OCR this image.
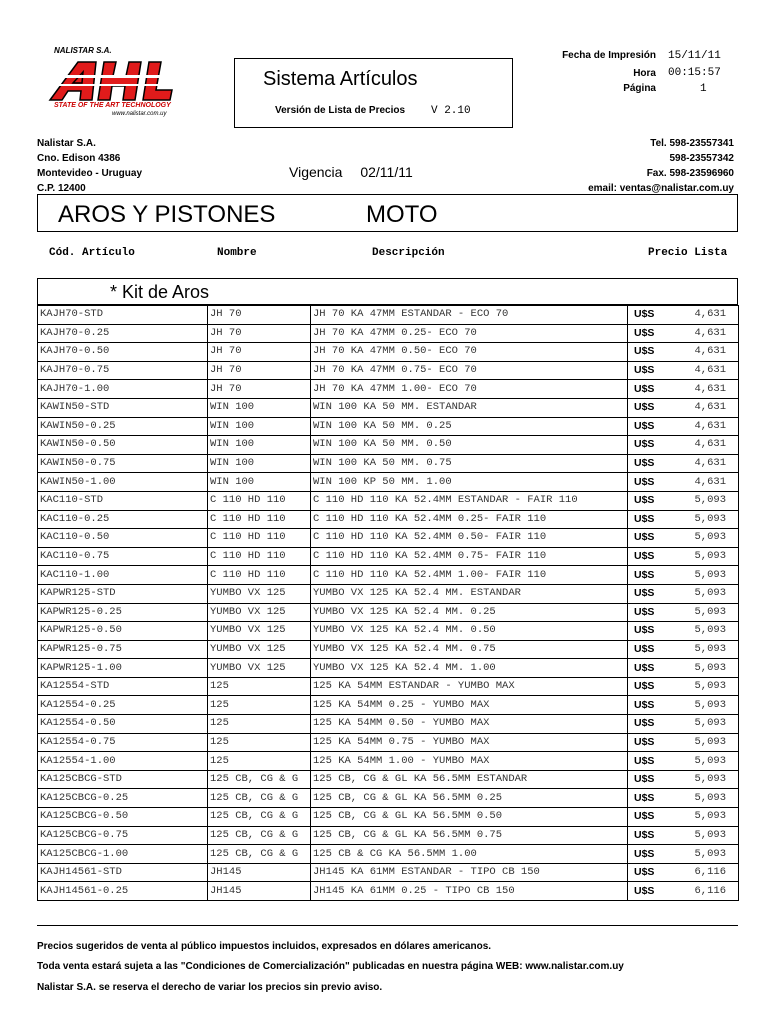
NALISTAR S.A.
STATE OF THE ART TECHNOLOGY
www.nalistar.com.uy
Sistema Artículos
Versión de Lista de Precios V 2.10
Fecha de Impresión 15/11/11
Hora 00:15:57
Página	1
Nalistar S.A.
Cno. Edison 4386
Montevideo - Uruguay
C.P. 12400
Vigencia 02/11/11
Tel. 598-23557341
598-23557342
Fax. 598-23596960
email: ventas@nalistar.com.uy
AROS Y PISTONES	MOTO
Cód. Artículo	Nombre	Descripción	Precio Lista
* Kit de Aros
KAJH70-STD	JH 70	JH 70 KA 47MM ESTANDAR - ECO 70	U$S	4,631
KAJH70-0.25	JH 70	JH 70 KA 47MM 0.25- ECO 70	U$S	4,631
KAJH70-0.50	JH 70	JH 70 KA 47MM 0.50- ECO 70	U$S	4,631
KAJH70-0.75	JH 70	JH 70 KA 47MM 0.75- ECO 70	U$S	4,631
KAJH70-1.00	JH 70	JH 70 KA 47MM 1.00- ECO 70	U$S	4,631
KAWIN50-STD	WIN 100	WIN 100 KA 50 MM. ESTANDAR	U$S	4,631
KAWIN50-0.25	WIN 100	WIN 100 KA 50 MM. 0.25	U$S	4,631
KAWIN50-0.50	WIN 100	WIN 100 KA 50 MM. 0.50	U$S	4,631
KAWIN50-0.75	WIN 100	WIN 100 KA 50 MM. 0.75	U$S	4,631
KAWIN50-1.00	WIN 100	WIN 100 KP 50 MM. 1.00	U$S	4,631
KAC110-STD	C 110 HD 110	C 110 HD 110 KA 52.4MM ESTANDAR - FAIR 110	U$S	5,093
KAC110-0.25	C 110 HD 110	C 110 HD 110 KA 52.4MM 0.25- FAIR 110	U$S	5,093
KAC110-0.50	C 110 HD 110	C 110 HD 110 KA 52.4MM 0.50- FAIR 110	U$S	5,093
KAC110-0.75	C 110 HD 110	C 110 HD 110 KA 52.4MM 0.75- FAIR 110	U$S	5,093
KAC110-1.00	C 110 HD 110	C 110 HD 110 KA 52.4MM 1.00- FAIR 110	U$S	5,093
KAPWR125-STD	YUMBO VX 125	YUMBO VX 125 KA 52.4 MM. ESTANDAR	U$S	5,093
KAPWR125-0.25	YUMBO VX 125	YUMBO VX 125 KA 52.4 MM. 0.25	U$S	5,093
KAPWR125-0.50	YUMBO VX 125	YUMBO VX 125 KA 52.4 MM. 0.50	U$S	5,093
KAPWR125-0.75	YUMBO VX 125	YUMBO VX 125 KA 52.4 MM. 0.75	U$S	5,093
KAPWR125-1.00	YUMBO VX 125	YUMBO VX 125 KA 52.4 MM. 1.00	U$S	5,093
KA12554-STD	125	125 KA 54MM ESTANDAR - YUMBO MAX	U$S	5,093
KA12554-0.25	125	125 KA 54MM 0.25 - YUMBO MAX	U$S	5,093
KA12554-0.50	125	125 KA 54MM 0.50 - YUMBO MAX	U$S	5,093
KA12554-0.75	125	125 KA 54MM 0.75 - YUMBO MAX	U$S	5,093
KA12554-1.00	125	125 KA 54MM 1.00 - YUMBO MAX	U$S	5,093
KA125CBCG-STD	125 CB, CG & G	125 CB, CG & GL KA 56.5MM ESTANDAR	U$S	5,093
KA125CBCG-0.25	125 CB, CG & G	125 CB, CG & GL KA 56.5MM 0.25	U$S	5,093
KA125CBCG-0.50	125 CB, CG & G	125 CB, CG & GL KA 56.5MM 0.50	U$S	5,093
KA125CBCG-0.75	125 CB, CG & G	125 CB, CG & GL KA 56.5MM 0.75	U$S	5,093
KA125CBCG-1.00	125 CB, CG & G	125 CB & CG KA 56.5MM 1.00	U$S	5,093
KAJH14561-STD	JH145	JH145 KA 61MM ESTANDAR - TIPO CB 150	U$S	6,116
KAJH14561-0.25	JH145	JH145 KA 61MM 0.25 - TIPO CB 150	U$S	6,116
Precios sugeridos de venta al público impuestos incluidos, expresados en dólares americanos.
Toda venta estará sujeta a las "Condiciones de Comercialización" publicadas en nuestra página WEB: www.nalistar.com.uy
Nalistar S.A. se reserva el derecho de variar los precios sin previo aviso.
